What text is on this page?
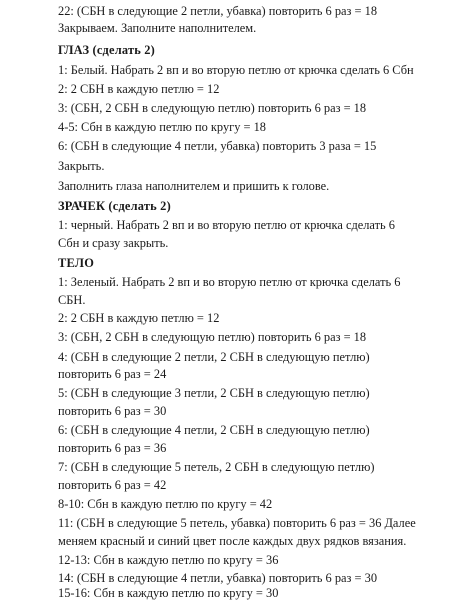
22: (СБН в следующие 2 петли, убавка) повторить 6 раз = 18
Закрываем. Заполните наполнителем.
ГЛАЗ (сделать 2)
1: Белый. Набрать 2 вп и во вторую петлю от крючка сделать 6 Сбн
2: 2 СБН в каждую петлю = 12
3: (СБН, 2 СБН в следующую петлю) повторить 6 раз = 18
4-5: Сбн в каждую петлю по кругу = 18
6: (СБН в следующие 4 петли, убавка) повторить 3 раза = 15
Закрыть.
Заполнить глаза наполнителем и пришить к голове.
ЗРАЧЕК (сделать 2)
1: черный. Набрать 2 вп и во вторую петлю от крючка сделать 6
Сбн и сразу закрыть.
ТЕЛО
1: Зеленый. Набрать 2 вп и во вторую петлю от крючка сделать 6
СБН.
2: 2 СБН в каждую петлю = 12
3: (СБН, 2 СБН в следующую петлю) повторить 6 раз = 18
4: (СБН в следующие 2 петли, 2 СБН в следующую петлю)
повторить 6 раз = 24
5: (СБН в следующие 3 петли, 2 СБН в следующую петлю)
повторить 6 раз = 30
6: (СБН в следующие 4 петли, 2 СБН в следующую петлю)
повторить 6 раз = 36
7: (СБН в следующие 5 петель, 2 СБН в следующую петлю)
повторить 6 раз = 42
8-10: Сбн в каждую петлю по кругу = 42
11: (СБН в следующие 5 петель, убавка) повторить 6 раз = 36 Далее
меняем красный и синий цвет после каждых двух рядков вязания.
12-13: Сбн в каждую петлю по кругу = 36
14: (СБН в следующие 4 петли, убавка) повторить 6 раз = 30
15-16: Сбн в каждую петлю по кругу = 30
